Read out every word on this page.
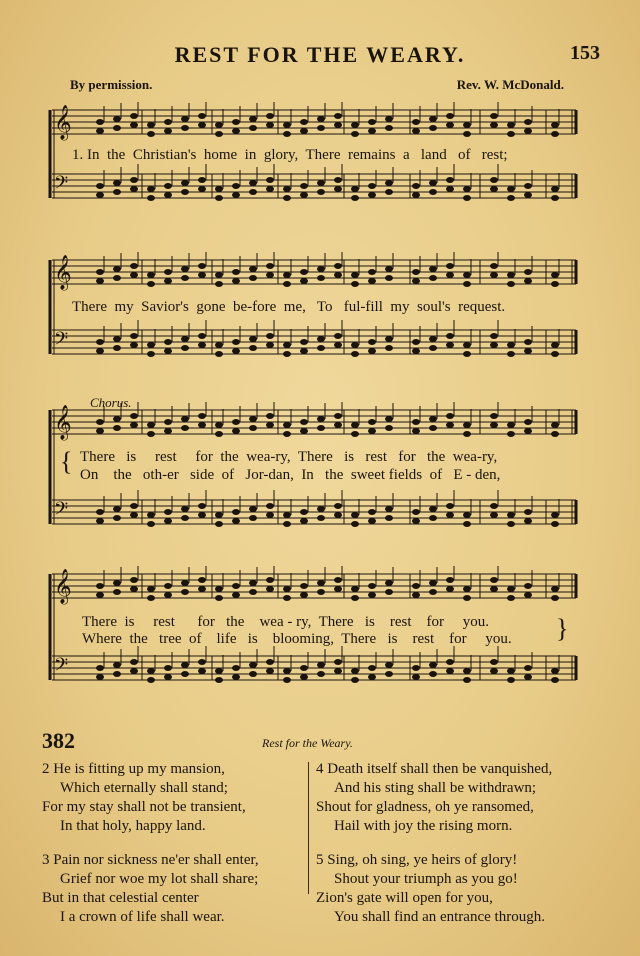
REST FOR THE WEARY.	153
By permission.	Rev. W. McDonald.
𝄞
𝄢
1. In  the  Christian's  home  in  glory,  There  remains  a   land   of   rest;
𝄞
𝄢
There  my  Savior's  gone  be-fore  me,   To   ful-fill  my  soul's  request.
Chorus.
𝄞
𝄢
{ There   is     rest     for  the  wea-ry,  There   is   rest   for   the  wea-ry,
On    the   oth-er   side  of   Jor-dan,  In   the  sweet fields  of   E - den,
𝄞
𝄢
There  is     rest      for   the    wea - ry,  There   is    rest    for     you.
Where  the   tree  of    life   is    blooming,  There   is    rest    for     you. }
382	Rest for the Weary.

2 He is fitting up my mansion,

Which eternally shall stand;

For my stay shall not be transient,

In that holy, happy land.

3 Pain nor sickness ne'er shall enter,

Grief nor woe my lot shall share;

But in that celestial center

I a crown of life shall wear.

4 Death itself shall then be vanquished,

And his sting shall be withdrawn;

Shout for gladness, oh ye ransomed,

Hail with joy the rising morn.

5 Sing, oh sing, ye heirs of glory!

Shout your triumph as you go!

Zion's gate will open for you,

You shall find an entrance through.
